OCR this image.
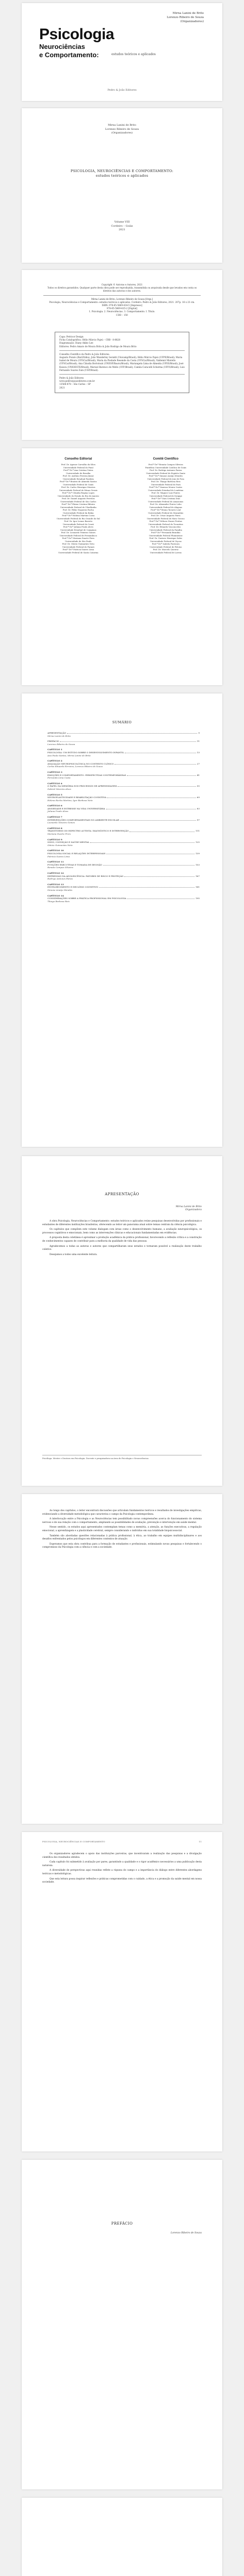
Mirna Lanini de Brito
Lorenzo Ribeiro de Souza
(Organizadores)
Psicologia
Neurociências
e Comportamento:	estudos teóricos e aplicados
Pedro & João Editores
Mirna Lanini de Brito
Lorenzo Ribeiro de Souza
(Organizadores)
PSICOLOGIA, NEUROCIÊNCIAS E COMPORTAMENTO: estudos teóricos e aplicados
Volume VIII
Cordeiro – Goiás
2021
Copyright © Autoras e Autores, 2021
Todos os direitos garantidos. Qualquer parte desta obra pode ser reproduzida, transmitida ou arquivada desde que levados em conta os direitos das autoras e dos autores.
Mirna Lanini de Brito; Lorenzo Ribeiro de Souza [Orgs.]
Psicologia, Neurociências e Comportamento: estudos teóricos e aplicados. Cordeiro: Pedro & João Editores, 2021. 207p. 16 x 23 cm.
ISBN: 978-65-5869-434-5 [Impresso]
978-65-5869-435-2 [Digital]
1. Psicologia. 2. Neurociências. 3. Comportamento. I. Título.
CDD – 150
Capa: Petricor Design
Ficha Catalográfica: Hélio Márcio Pajeú – CRB - 8-8828
Diagramação: Diany Akiko Lee
Editores: Pedro Amaro de Moura Brito & João Rodrigo de Moura Brito
Conselho Científico da Pedro & João Editores:
Augusto Ponzio (Bari/Itália); João Wanderley Geraldi (Unicamp/Brasil); Hélio Márcio Pajeú (UFPE/Brasil); Maria Isabel de Moura (UFSCar/Brasil); Maria da Piedade Resende da Costa (UFSCar/Brasil); Valdemir Miotello (UFSCar/Brasil); Ana Cláudia Bortolozzi (UNESP/Bauru/Brasil); Mariangela Lima de Almeida (UFES/Brasil); José Kuiava (UNIOESTE/Brasil); Marisol Barenco de Mello (UFF/Brasil); Camila Caracelli Scherma (UFFS/Brasil); Luis Fernando Soares Zuin (USP/Brasil).
Pedro & João Editores
www.pedroejoaoeditores.com.br
13568-878 – São Carlos – SP
2021
Conselho Editorial

Prof. Dr. Agenor Carvalho da Silva

Universidade Federal do Piauí

Prof.ª Dr.ª Ana Cristina Vieira

Universidade de Brasília

Prof. Dr. Antônio Pereira Júnior

Universidade Estadual Paulista

Prof.ª Dr.ª Beatriz de Almeida Santos

Universidade Federal de Goiás

Prof. Dr. Carlos Henrique Moreira

Universidade Federal de Minas Gerais

Prof.ª Dr.ª Cláudia Regina Lopes

Universidade do Estado do Rio de Janeiro

Prof. Dr. Daniel Augusto Ferreira

Universidade Federal de São Carlos

Prof.ª Dr.ª Elaine Cristina Ribeiro

Universidade Federal de Uberlândia

Prof. Dr. Fábio Nogueira Rocha

Universidade Federal da Bahia

Prof.ª Dr.ª Helena Martins Costa

Universidade Federal do Rio Grande do Sul

Prof. Dr. Igor Lemos Barreto

Universidade Federal do Ceará

Prof.ª Dr.ª Juliana Prado Alves

Universidade Estadual de Campinas

Prof. Dr. Leonardo Teixeira Gomes

Universidade Federal de Pernambuco

Prof.ª Dr.ª Mariana Duarte Pires

Universidade de São Paulo

Prof. Dr. Otávio Guimarães Neto

Universidade Federal do Paraná

Prof.ª Dr.ª Patrícia Soares Lima

Universidade Federal de Santa Catarina

Comitê Científico

Prof.ª Dr.ª Renata Campos Silveira

Pontifícia Universidade Católica de Goiás

Prof. Dr. Rodrigo Antunes Farias

Universidade Federal do Espírito Santo

Prof.ª Dr.ª Simone Araújo Mendes

Universidade Federal de Juiz de Fora

Prof. Dr. Thiago Barbosa Reis

Universidade Federal do Pará

Prof.ª Dr.ª Vanessa Moura Castro

Universidade Estadual de Londrina

Prof. Dr. Wagner Luiz Fontes

Universidade Federal de Sergipe

Prof.ª Dr.ª Yara Cristina Dias

Universidade Federal do Amazonas

Prof. Dr. Alexandre Prates Lobo

Universidade Federal de Alagoas

Prof.ª Dr.ª Bruna Tavares Leal

Universidade Federal do Maranhão

Prof. Dr. César Augusto Paiva

Universidade Federal de Mato Grosso

Prof.ª Dr.ª Débora Nunes Freitas

Universidade Federal do Tocantins

Prof. Dr. Eduardo Vasconcelos

Universidade Federal da Paraíba

Prof.ª Dr.ª Fernanda Brandão

Universidade Federal Fluminense

Prof. Dr. Gustavo Henrique Sales

Universidade Federal de Viçosa

Prof.ª Dr.ª Isabela Fontoura

Universidade Federal de Pelotas

Prof. Dr. Marcelo Queiroz

Universidade Federal de Lavras

SUMÁRIO
APRESENTAÇÃO	9
Mirna Lanini de Brito
PREFÁCIO	11
Lorenzo Ribeiro de Souza
CAPÍTULO 1
PSICOLOGIA: UM ESTUDO SOBRE O DESENVOLVIMENTO INFANTIL	13
Ana Paula Santos; Mirna Lanini de Brito
CAPÍTULO 2
AVALIAÇÃO NEUROPSICOLÓGICA NO CONTEXTO CLÍNICO	27
Carlos Eduardo Ferreira; Lorenzo Ribeiro de Souza
CAPÍTULO 3
EMOÇÕES E COMPORTAMENTO: PERSPECTIVAS CONTEMPORÂNEAS	41
Fernanda Lima Costa
CAPÍTULO 4
O PAPEL DA MEMÓRIA NOS PROCESSOS DE APRENDIZAGEM	55
Gabriel Moreira Alves
CAPÍTULO 5
NEUROPLASTICIDADE E REABILITAÇÃO COGNITIVA	69
Helena Rocha Martins; Igor Barbosa Neto
CAPÍTULO 6
ANSIEDADE E ESTRESSE NA VIDA UNIVERSITÁRIA	83
Juliana Prado Alves
CAPÍTULO 7
INTERVENÇÕES COMPORTAMENTAIS NO AMBIENTE ESCOLAR	97
Leonardo Teixeira Gomes
CAPÍTULO 8
TRANSTORNO DO ESPECTRO AUTISTA: DIAGNÓSTICO E INTERVENÇÃO	111
Mariana Duarte Pires
CAPÍTULO 9
SONO, COGNIÇÃO E SAÚDE MENTAL	125
Otávio Guimarães Neto
CAPÍTULO 10
PSICOLOGIA SOCIAL E RELAÇÕES INTERPESSOAIS	139
Patrícia Soares Lima
CAPÍTULO 11
FUNÇÕES EXECUTIVAS E TOMADA DE DECISÃO	153
Renata Campos Silveira
CAPÍTULO 12
DEPRESSÃO NA ADOLESCÊNCIA: FATORES DE RISCO E PROTEÇÃO	167
Rodrigo Antunes Farias
CAPÍTULO 13
ENVELHECIMENTO E DECLÍNIO COGNITIVO	181
Simone Araújo Mendes
CAPÍTULO 14
CONSIDERAÇÕES SOBRE A PRÁTICA PROFISSIONAL EM PSICOLOGIA	195
Thiago Barbosa Reis
APRESENTAÇÃO
Mirna Lanini de Brito
Organizadora

A obra Psicologia, Neurociências e Comportamento: estudos teóricos e aplicados reúne pesquisas desenvolvidas por profissionais e estudantes de diferentes instituições brasileiras, oferecendo ao leitor um panorama atual sobre temas centrais da ciência psicológica.

Os capítulos que compõem este volume dialogam com áreas como o desenvolvimento humano, a avaliação neuropsicológica, os processos cognitivos e emocionais, bem como as intervenções clínicas e educacionais fundamentadas em evidências.

A proposta desta coletânea é aproximar a produção acadêmica da prática profissional, favorecendo a reflexão crítica e a construção de conhecimentos capazes de contribuir para a melhoria da qualidade de vida das pessoas.

Agradecemos a todas as autoras e autores que compartilharam seus estudos e tornaram possível a realização deste trabalho coletivo.

Desejamos a todos uma excelente leitura.

Psicóloga. Mestre e Doutora em Psicologia. Docente e pesquisadora na área de Psicologia e Neurociências.

Ao longo dos capítulos, o leitor encontrará discussões que articulam fundamentos teóricos e resultados de investigações empíricas, evidenciando a diversidade metodológica que caracteriza o campo da Psicologia contemporânea.

A interlocução entre a Psicologia e as Neurociências tem possibilitado novas compreensões acerca do funcionamento do sistema nervoso e de sua relação com o comportamento, ampliando as possibilidades de avaliação, prevenção e intervenção em saúde mental.

Nesse sentido, os estudos aqui apresentados contemplam temas como a memória, a atenção, as funções executivas, a regulação emocional, a aprendizagem e a plasticidade cerebral, sempre considerando o indivíduo em sua totalidade biopsicossocial.

Também são abordadas questões relacionadas à prática profissional, à ética, ao trabalho em equipes multidisciplinares e aos desafios enfrentados pelos psicólogos em diferentes contextos de atuação.

Esperamos que esta obra contribua para a formação de estudantes e profissionais, estimulando novas pesquisas e fortalecendo o compromisso da Psicologia com a ciência e com a sociedade.

PSICOLOGIA, NEUROCIÊNCIAS E COMPORTAMENTO	11

Os organizadores agradecem o apoio das instituições parceiras, que incentivaram a realização das pesquisas e a divulgação científica dos resultados obtidos.

Cada capítulo foi submetido à avaliação por pares, garantindo a qualidade e o rigor acadêmico necessários a uma publicação desta natureza.

A diversidade de perspectivas aqui reunidas reflete a riqueza do campo e a importância do diálogo entre diferentes abordagens teóricas e metodológicas.

Que esta leitura possa inspirar reflexões e práticas comprometidas com o cuidado, a ética e a promoção da saúde mental em nossa sociedade.

PREFÁCIO
Lorenzo Ribeiro de Souza
